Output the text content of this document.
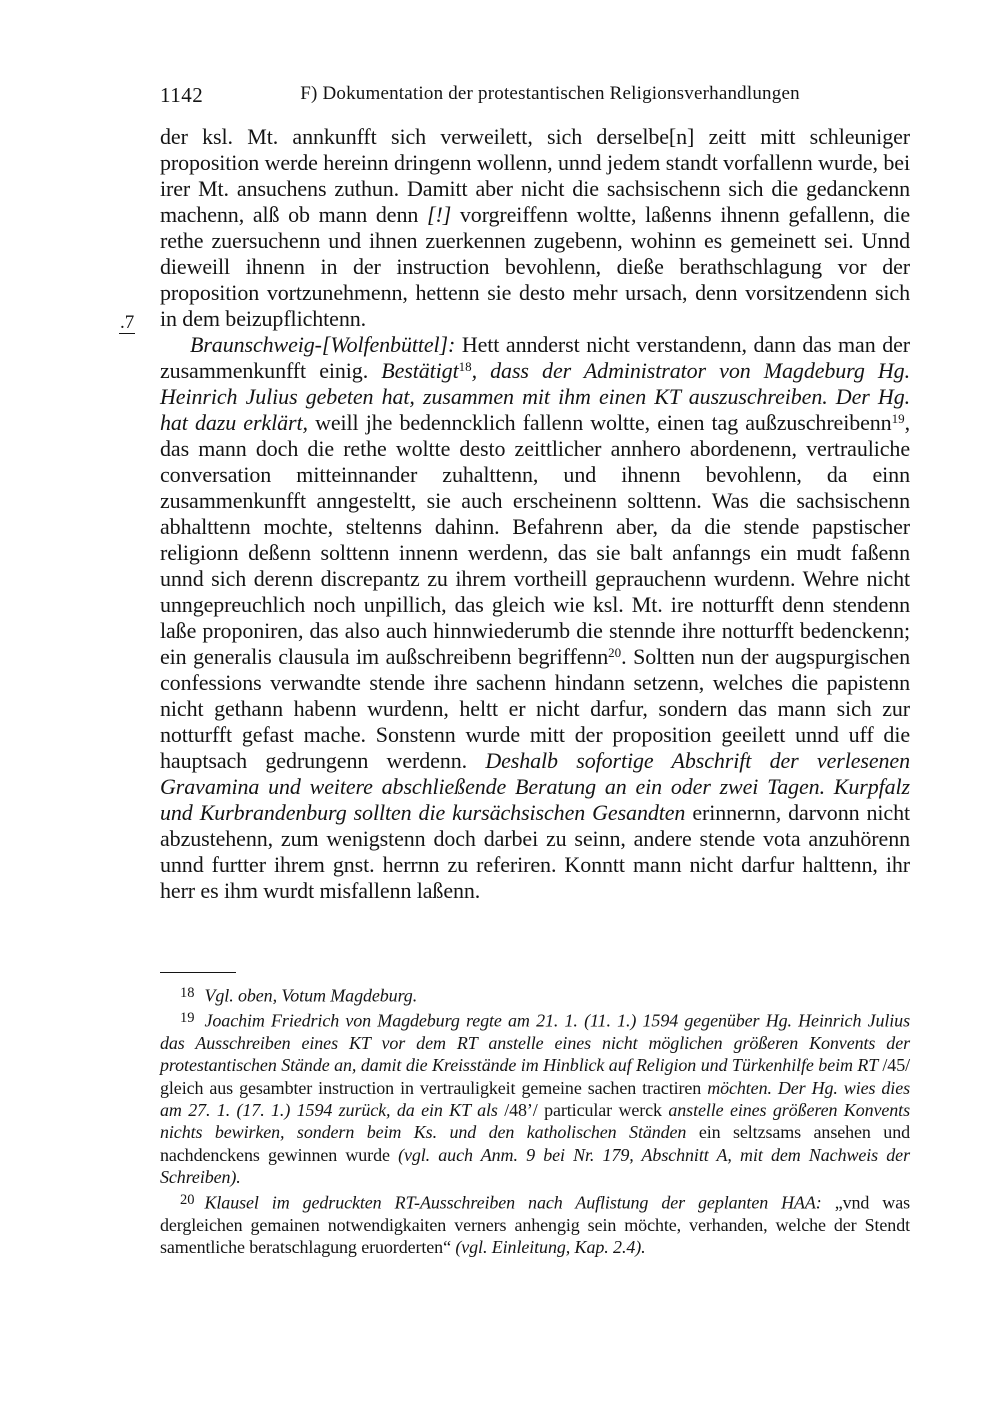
1142	F) Dokumentation der protestantischen Religionsverhandlungen
.7

der ksl. Mt. annkunfft sich verweilett, sich derselbe[n] zeitt mitt schleuniger proposition werde hereinn dringenn wollenn, unnd jedem standt vorfallenn wurde, bei irer Mt. ansuchens zuthun. Damitt aber nicht die sachsischenn sich die gedanckenn machenn, alß ob mann denn [!] vorgreiffenn woltte, laßenns ihnenn gefallenn, die rethe zuersuchenn und ihnen zuerkennen zugebenn, wohinn es gemeinett sei. Unnd dieweill ihnenn in der instruction bevohlenn, dieße berathschlagung vor der proposition vortzunehmenn, hettenn sie desto mehr ursach, denn vorsitzendenn sich in dem beizupflichtenn.

Braunschweig-[Wolfenbüttel]: Hett annderst nicht verstandenn, dann das man der zusammenkunfft einig. Bestätigt$^{18}$, dass der Administrator von Magdeburg Hg. Heinrich Julius gebeten hat, zusammen mit ihm einen KT auszuschreiben. Der Hg. hat dazu erklärt, weill jhe bedenncklich fallenn woltte, einen tag außzuschreibenn$^{19}$, das mann doch die rethe woltte desto zeittlicher annhero abordenenn, vertrauliche conversation mitteinnander zuhalttenn, und ihnenn bevohlenn, da einn zusammenkunfft anngesteltt, sie auch erscheinenn solttenn. Was die sachsischenn abhalttenn mochte, steltenns dahinn. Befahrenn aber, da die stende papstischer religionn deßenn solttenn innenn werdenn, das sie balt anfanngs ein mudt faßenn unnd sich derenn discrepantz zu ihrem vortheill geprauchenn wurdenn. Wehre nicht unngepreuchlich noch unpillich, das gleich wie ksl. Mt. ire notturfft denn stendenn laße proponiren, das also auch hinnwiederumb die stennde ihre notturfft bedenckenn; ein generalis clausula im außschreibenn begriffenn$^{20}$. Soltten nun der augspurgischen confessions verwandte stende ihre sachenn hindann setzenn, welches die papistenn nicht gethann habenn wurdenn, heltt er nicht darfur, sondern das mann sich zur notturfft gefast mache. Sonstenn wurde mitt der proposition geeilett unnd uff die hauptsach gedrungenn werdenn. Deshalb sofortige Abschrift der verlesenen Gravamina und weitere abschließende Beratung an ein oder zwei Tagen. Kurpfalz und Kurbrandenburg sollten die kursächsischen Gesandten erinnernn, darvonn nicht abzustehenn, zum wenigstenn doch darbei zu seinn, andere stende vota anzuhörenn unnd furtter ihrem gnst. herrnn zu referiren. Konntt mann nicht darfur halttenn, ihr herr es ihm wurdt misfallenn laßenn.

$^{18}$ Vgl. oben, Votum Magdeburg.

$^{19}$ Joachim Friedrich von Magdeburg regte am 21. 1. (11. 1.) 1594 gegenüber Hg. Heinrich Julius das Ausschreiben eines KT vor dem RT anstelle eines nicht möglichen größeren Konvents der protestantischen Stände an, damit die Kreisstände im Hinblick auf Religion und Türkenhilfe beim RT /45/ gleich aus gesambter instruction in vertrauligkeit gemeine sachen tractiren möchten. Der Hg. wies dies am 27. 1. (17. 1.) 1594 zurück, da ein KT als /48’/ particular werck anstelle eines größeren Konvents nichts bewirken, sondern beim Ks. und den katholischen Ständen ein seltzsams ansehen und nachdenckens gewinnen wurde (vgl. auch Anm. 9 bei Nr. 179, Abschnitt A, mit dem Nachweis der Schreiben).

$^{20}$ Klausel im gedruckten RT-Ausschreiben nach Auflistung der geplanten HAA: „vnd was dergleichen gemainen notwendigkaiten verners anhengig sein möchte, verhanden, welche der Stendt samentliche beratschlagung eruorderten“ (vgl. Einleitung, Kap. 2.4).
